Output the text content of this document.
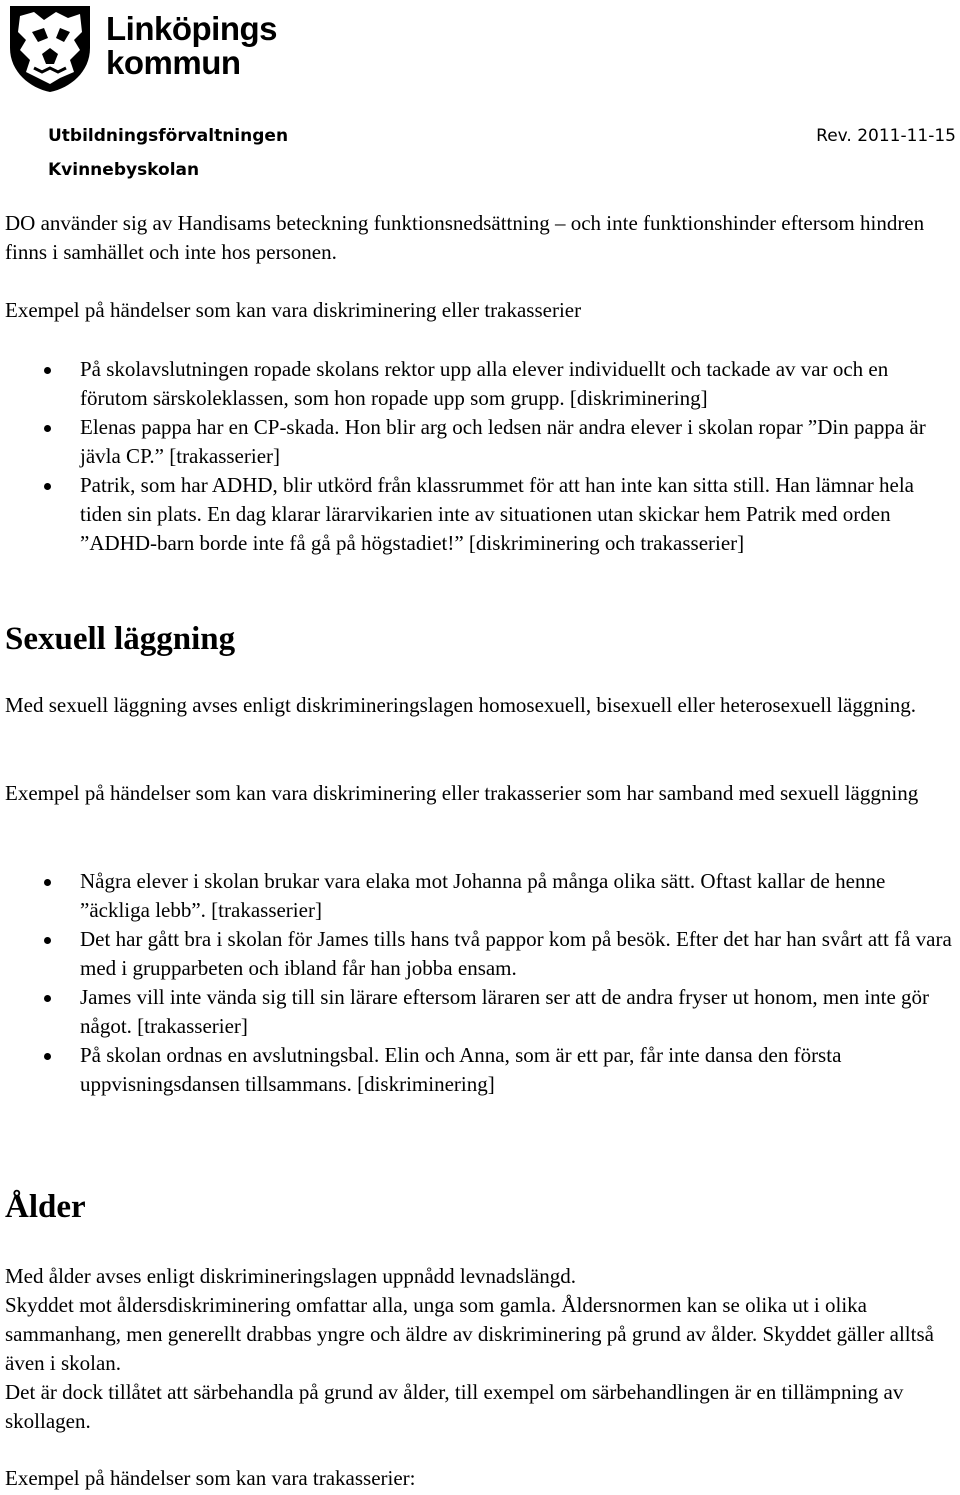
Linköpings
kommun
Utbildningsförvaltningen
Kvinnebyskolan
Rev. 2011-11-15

DO använder sig av Handisams beteckning funktionsnedsättning – och inte funktionshinder eftersom hindren finns i samhället och inte hos personen.

Exempel på händelser som kan vara diskriminering eller trakasserier

På skolavslutningen ropade skolans rektor upp alla elever individuellt och tackade av var och en förutom särskoleklassen, som hon ropade upp som grupp. [diskriminering]
Elenas pappa har en CP-skada. Hon blir arg och ledsen när andra elever i skolan ropar ”Din pappa är jävla CP.” [trakasserier]
Patrik, som har ADHD, blir utkörd från klassrummet för att han inte kan sitta still. Han lämnar hela tiden sin plats. En dag klarar lärarvikarien inte av situationen utan skickar hem Patrik med orden ”ADHD-barn borde inte få gå på högstadiet!” [diskriminering och trakasserier]
Sexuell läggning

Med sexuell läggning avses enligt diskrimineringslagen homosexuell, bisexuell eller heterosexuell läggning.

Exempel på händelser som kan vara diskriminering eller trakasserier som har samband med sexuell läggning

Några elever i skolan brukar vara elaka mot Johanna på många olika sätt. Oftast kallar de henne ”äckliga lebb”. [trakasserier]
Det har gått bra i skolan för James tills hans två pappor kom på besök. Efter det har han svårt att få vara med i grupparbeten och ibland får han jobba ensam.
James vill inte vända sig till sin lärare eftersom läraren ser att de andra fryser ut honom, men inte gör något. [trakasserier]
På skolan ordnas en avslutningsbal. Elin och Anna, som är ett par, får inte dansa den första uppvisningsdansen tillsammans. [diskriminering]
Ålder

Med ålder avses enligt diskrimineringslagen uppnådd levnadslängd.

Skyddet mot åldersdiskriminering omfattar alla, unga som gamla. Åldersnormen kan se olika ut i olika sammanhang, men generellt drabbas yngre och äldre av diskriminering på grund av ålder. Skyddet gäller alltså även i skolan.

Det är dock tillåtet att särbehandla på grund av ålder, till exempel om särbehandlingen är en tillämpning av skollagen.

Exempel på händelser som kan vara trakasserier:
